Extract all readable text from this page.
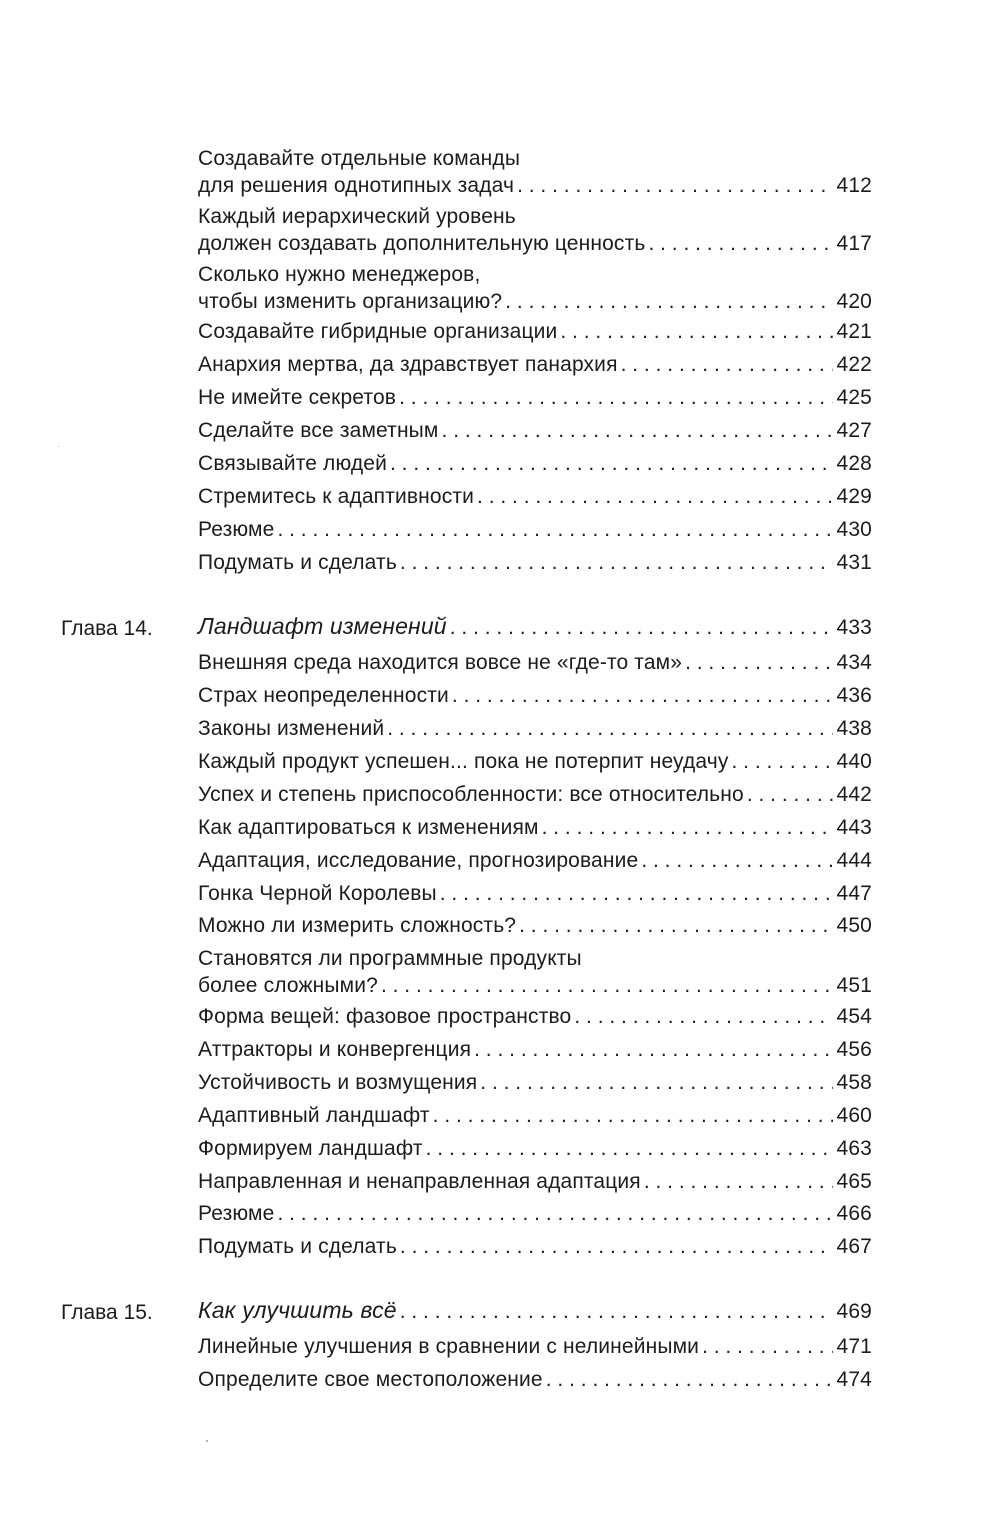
Создавайте отдельные команды
для решения однотипных задач . . .	412
Каждый иерархический уровень
должен создавать дополнительную ценность . . .	417
Сколько нужно менеджеров,
чтобы изменить организацию? . . .	420
Создавайте гибридные организации . . .	421
Анархия мертва, да здравствует панархия . . .	422
Не имейте секретов . . .	425
Сделайте все заметным . . .	427
Связывайте людей . . .	428
Стремитесь к адаптивности . . .	429
Резюме . . .	430
Подумать и сделать . . .	431
Глава 14. Ландшафт изменений . . .	433
Внешняя среда находится вовсе не «где-то там» . . .	434
Страх неопределенности . . .	436
Законы изменений . . .	438
Каждый продукт успешен... пока не потерпит неудачу . . .	440
Успех и степень приспособленности: все относительно . . .	442
Как адаптироваться к изменениям . . .	443
Адаптация, исследование, прогнозирование . . .	444
Гонка Черной Королевы . . .	447
Можно ли измерить сложность? . . .	450
Становятся ли программные продукты
более сложными? . . .	451
Форма вещей: фазовое пространство . . .	454
Аттракторы и конвергенция . . .	456
Устойчивость и возмущения . . .	458
Адаптивный ландшафт . . .	460
Формируем ландшафт . . .	463
Направленная и ненаправленная адаптация . . .	465
Резюме . . .	466
Подумать и сделать . . .	467
Глава 15. Как улучшить всё . . .	469
Линейные улучшения в сравнении с нелинейными . . .	471
Определите свое местоположение . . .	474
